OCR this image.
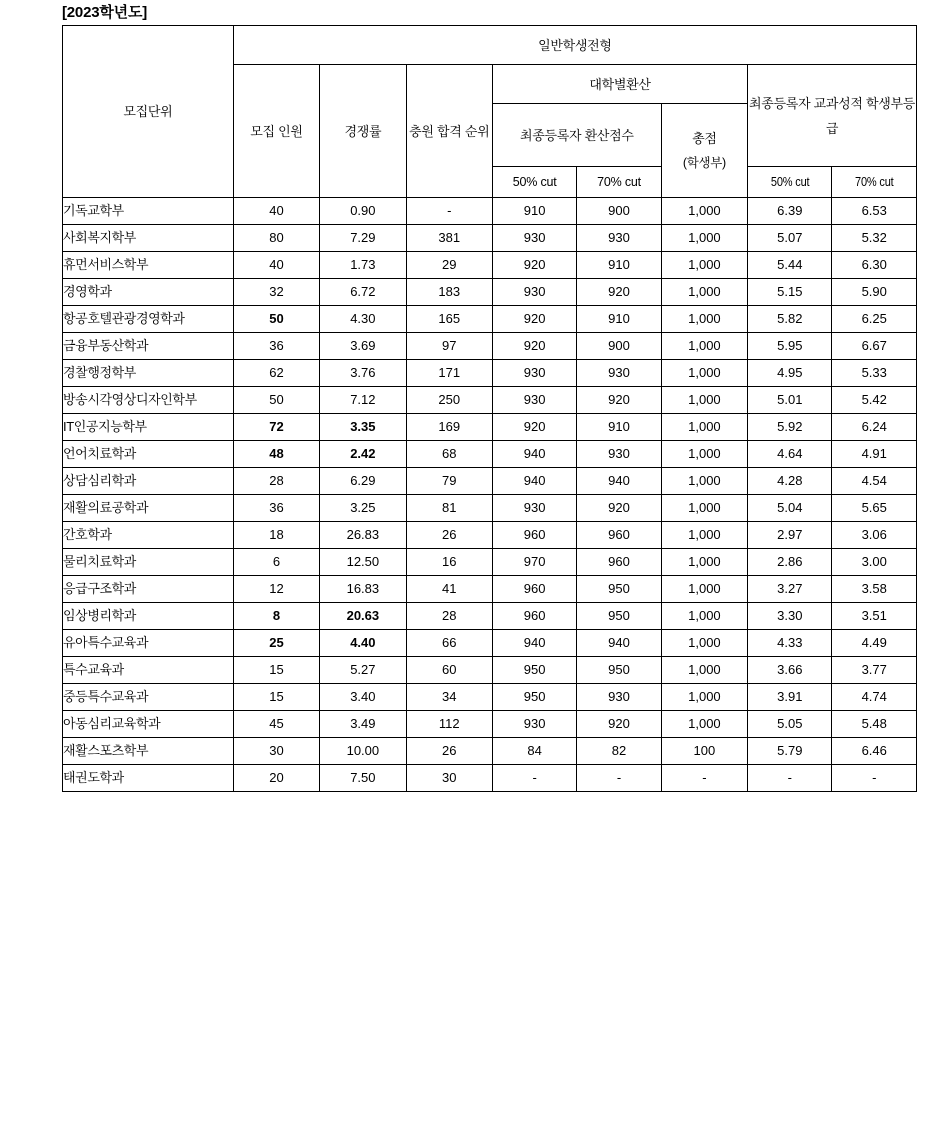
[2023학년도]
모집단위	일반학생전형							
	모집 인원	경쟁률	충원 합격 순위	대학별환산			최종등록자 교과성적 학생부등급	
				최종등록자 환산점수		총점
(학생부)		

				50% cut	70% cut		50% cut	70% cut
기독교학부	40	0.90	-	910	900	1,000	6.39	6.53
사회복지학부	80	7.29	381	930	930	1,000	5.07	5.32
휴먼서비스학부	40	1.73	29	920	910	1,000	5.44	6.30
경영학과	32	6.72	183	930	920	1,000	5.15	5.90
항공호텔관광경영학과	50	4.30	165	920	910	1,000	5.82	6.25
금융부동산학과	36	3.69	97	920	900	1,000	5.95	6.67
경찰행정학부	62	3.76	171	930	930	1,000	4.95	5.33
방송시각영상디자인학부	50	7.12	250	930	920	1,000	5.01	5.42
IT인공지능학부	72	3.35	169	920	910	1,000	5.92	6.24
언어치료학과	48	2.42	68	940	930	1,000	4.64	4.91
상담심리학과	28	6.29	79	940	940	1,000	4.28	4.54
재활의료공학과	36	3.25	81	930	920	1,000	5.04	5.65
간호학과	18	26.83	26	960	960	1,000	2.97	3.06
물리치료학과	6	12.50	16	970	960	1,000	2.86	3.00
응급구조학과	12	16.83	41	960	950	1,000	3.27	3.58
임상병리학과	8	20.63	28	960	950	1,000	3.30	3.51
유아특수교육과	25	4.40	66	940	940	1,000	4.33	4.49
특수교육과	15	5.27	60	950	950	1,000	3.66	3.77
중등특수교육과	15	3.40	34	950	930	1,000	3.91	4.74
아동심리교육학과	45	3.49	112	930	920	1,000	5.05	5.48
재활스포츠학부	30	10.00	26	84	82	100	5.79	6.46
태권도학과	20	7.50	30	-	-	-	-	-
